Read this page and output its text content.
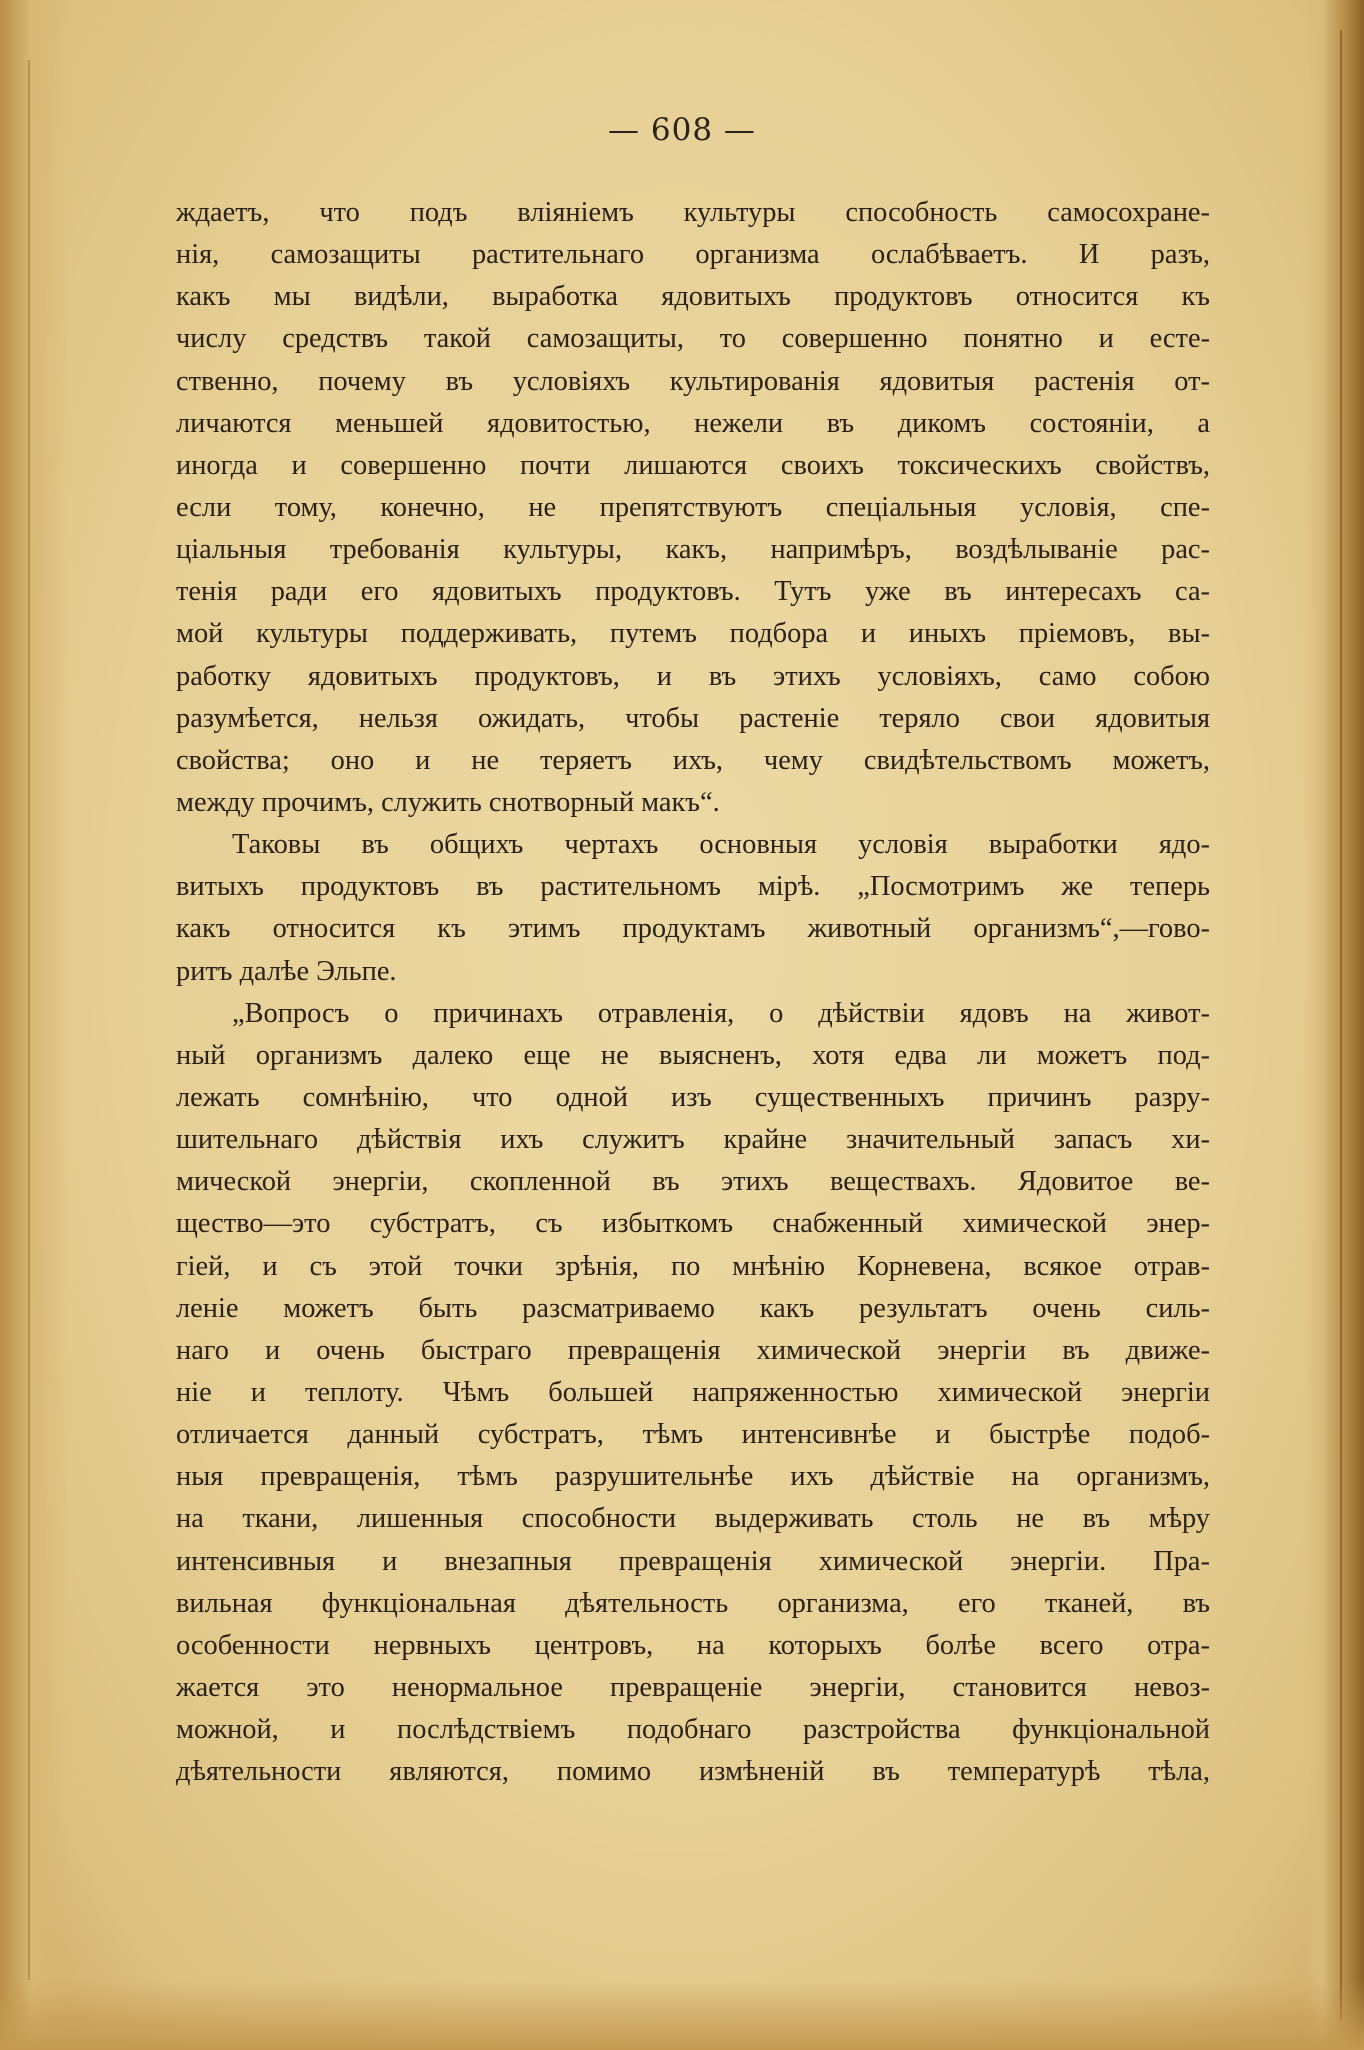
— 608 —
ждаетъ, что подъ вліяніемъ культуры способность самосохране-
нія, самозащиты растительнаго организма ослабѣваетъ. И разъ,
какъ мы видѣли, выработка ядовитыхъ продуктовъ относится къ
числу средствъ такой самозащиты, то совершенно понятно и есте-
ственно, почему въ условіяхъ культированія ядовитыя растенія от-
личаются меньшей ядовитостью, нежели въ дикомъ состояніи, а
иногда и совершенно почти лишаются своихъ токсическихъ свойствъ,
если тому, конечно, не препятствуютъ спеціальныя условія, спе-
ціальныя требованія культуры, какъ, напримѣръ, воздѣлываніе рас-
тенія ради его ядовитыхъ продуктовъ. Тутъ уже въ интересахъ са-
мой культуры поддерживать, путемъ подбора и иныхъ пріемовъ, вы-
работку ядовитыхъ продуктовъ, и въ этихъ условіяхъ, само собою
разумѣется, нельзя ожидать, чтобы растеніе теряло свои ядовитыя
свойства; оно и не теряетъ ихъ, чему свидѣтельствомъ можетъ,
между прочимъ, служить снотворный макъ“.
Таковы въ общихъ чертахъ основныя условія выработки ядо-
витыхъ продуктовъ въ растительномъ мірѣ. „Посмотримъ же теперь
какъ относится къ этимъ продуктамъ животный организмъ“,—гово-
ритъ далѣе Эльпе.
„Вопросъ о причинахъ отравленія, о дѣйствіи ядовъ на живот-
ный организмъ далеко еще не выясненъ, хотя едва ли можетъ под-
лежать сомнѣнію, что одной изъ существенныхъ причинъ разру-
шительнаго дѣйствія ихъ служитъ крайне значительный запасъ хи-
мической энергіи, скопленной въ этихъ веществахъ. Ядовитое ве-
щество—это субстратъ, съ избыткомъ снабженный химической энер-
гіей, и съ этой точки зрѣнія, по мнѣнію Корневена, всякое отрав-
леніе можетъ быть разсматриваемо какъ результатъ очень силь-
наго и очень быстраго превращенія химической энергіи въ движе-
ніе и теплоту. Чѣмъ большей напряженностью химической энергіи
отличается данный субстратъ, тѣмъ интенсивнѣе и быстрѣе подоб-
ныя превращенія, тѣмъ разрушительнѣе ихъ дѣйствіе на организмъ,
на ткани, лишенныя способности выдерживать столь не въ мѣру
интенсивныя и внезапныя превращенія химической энергіи. Пра-
вильная функціональная дѣятельность организма, его тканей, въ
особенности нервныхъ центровъ, на которыхъ болѣе всего отра-
жается это ненормальное превращеніе энергіи, становится невоз-
можной, и послѣдствіемъ подобнаго разстройства функціональной
дѣятельности являются, помимо измѣненій въ температурѣ тѣла,
